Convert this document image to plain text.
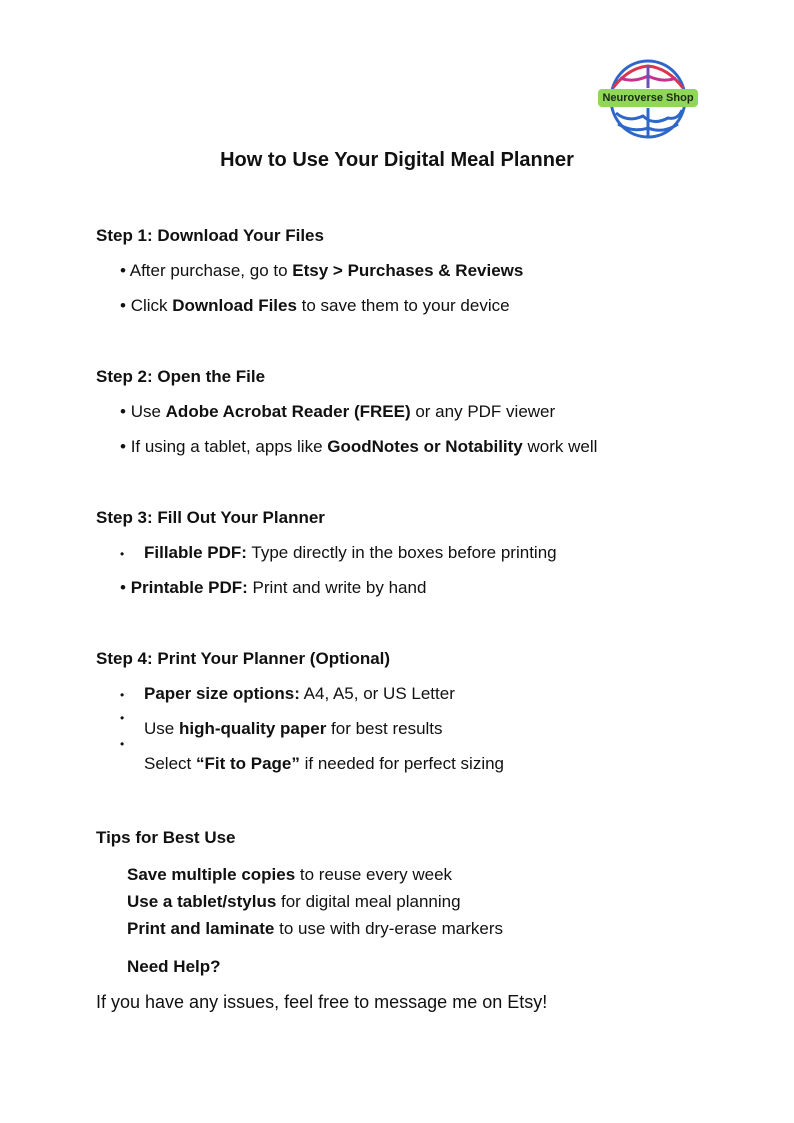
Neuroverse Shop
How to Use Your Digital Meal Planner
Step 1: Download Your Files
• After purchase, go to Etsy > Purchases & Reviews
• Click Download Files to save them to your device
Step 2: Open the File
• Use Adobe Acrobat Reader (FREE) or any PDF viewer
• If using a tablet, apps like GoodNotes or Notability work well
Step 3: Fill Out Your Planner
• Fillable PDF: Type directly in the boxes before printing
• Printable PDF: Print and write by hand
Step 4: Print Your Planner (Optional)
• Paper size options: A4, A5, or US Letter
•
Use high-quality paper for best results
•
Select “Fit to Page” if needed for perfect sizing
Tips for Best Use
Save multiple copies to reuse every week
Use a tablet/stylus for digital meal planning
Print and laminate to use with dry-erase markers
Need Help?
If you have any issues, feel free to message me on Etsy!
